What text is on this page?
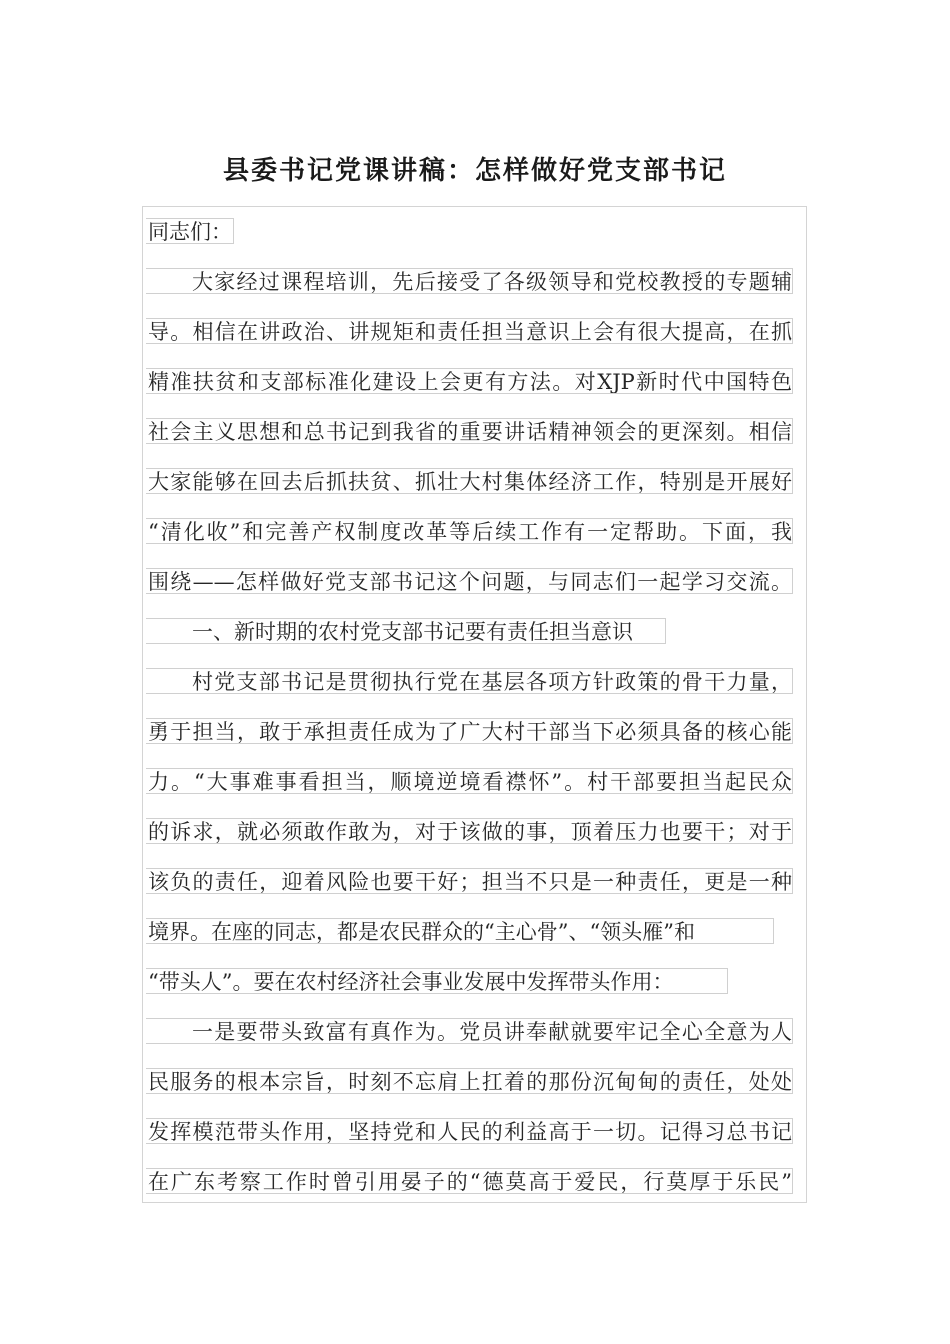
县委书记党课讲稿：怎样做好党支部书记
同志们：
大家经过课程培训，先后接受了各级领导和党校教授的专题辅
导。相信在讲政治、讲规矩和责任担当意识上会有很大提高，在抓
精准扶贫和支部标准化建设上会更有方法。对XJP新时代中国特色
社会主义思想和总书记到我省的重要讲话精神领会的更深刻。相信
大家能够在回去后抓扶贫、抓壮大村集体经济工作，特别是开展好
“清化收”和完善产权制度改革等后续工作有一定帮助。下面，我
围绕——怎样做好党支部书记这个问题，与同志们一起学习交流。
一、新时期的农村党支部书记要有责任担当意识
村党支部书记是贯彻执行党在基层各项方针政策的骨干力量，
勇于担当，敢于承担责任成为了广大村干部当下必须具备的核心能
力。“大事难事看担当，顺境逆境看襟怀”。村干部要担当起民众
的诉求，就必须敢作敢为，对于该做的事，顶着压力也要干；对于
该负的责任，迎着风险也要干好；担当不只是一种责任，更是一种
境界。在座的同志，都是农民群众的“主心骨”、“领头雁”和
“带头人”。要在农村经济社会事业发展中发挥带头作用：
一是要带头致富有真作为。党员讲奉献就要牢记全心全意为人
民服务的根本宗旨，时刻不忘肩上扛着的那份沉甸甸的责任，处处
发挥模范带头作用，坚持党和人民的利益高于一切。记得习总书记
在广东考察工作时曾引用晏子的“德莫高于爱民，行莫厚于乐民”
